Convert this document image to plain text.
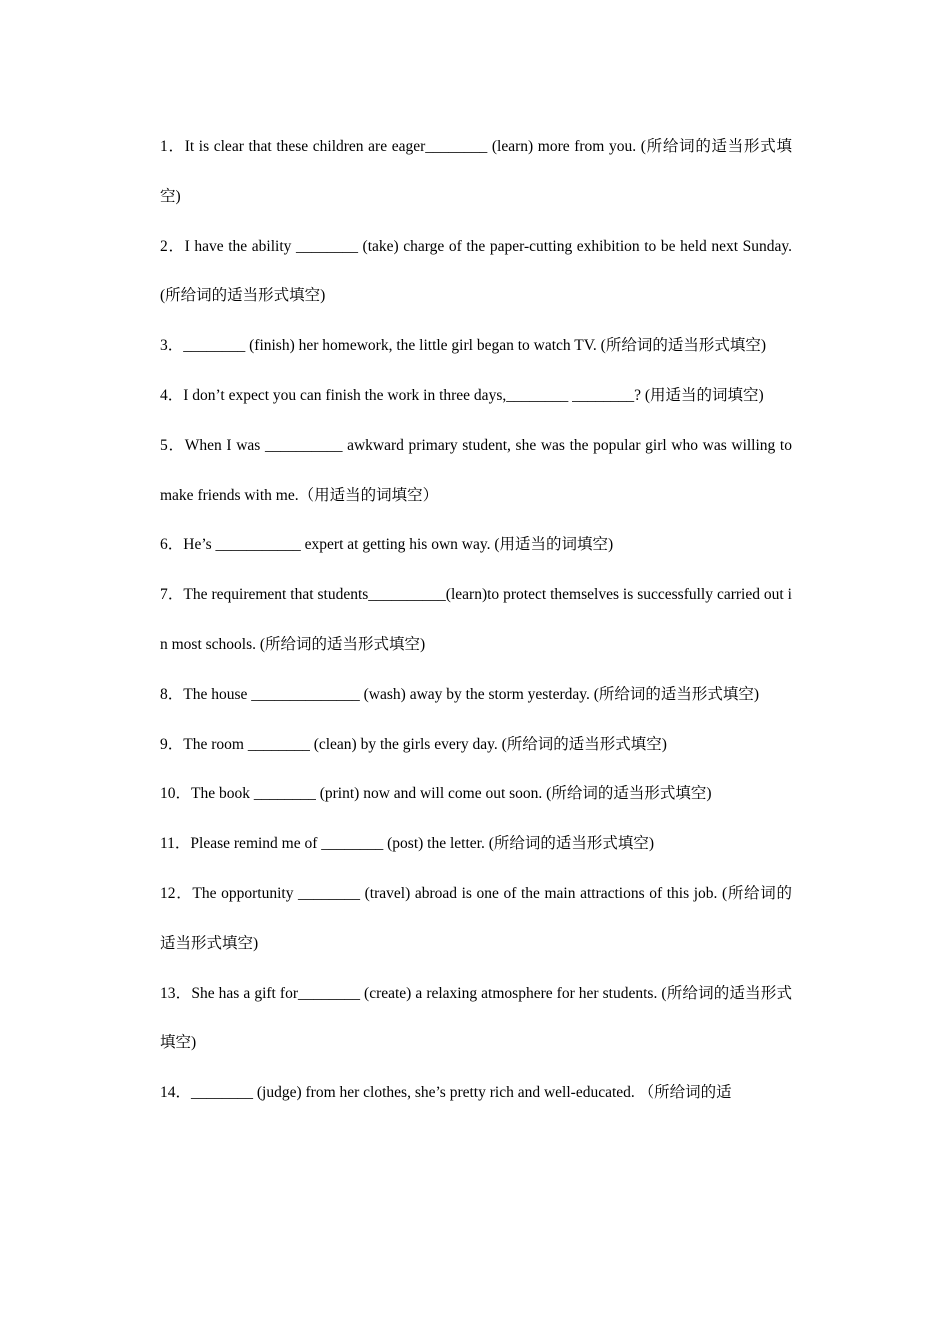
1．It is clear that these children are eager________ (learn) more from you. (所给词的适当形式填空)
2．I have the ability ________ (take) charge of the paper-cutting exhibition to be held next Sunday. (所给词的适当形式填空)
3．________ (finish) her homework, the little girl began to watch TV. (所给词的适当形式填空)
4．I don’t expect you can finish the work in three days,________ ________? (用适当的词填空)
5．When I was __________ awkward primary student, she was the popular girl who was willing to make friends with me.（用适当的词填空）
6．He’s ___________ expert at getting his own way. (用适当的词填空)
7．The requirement that students__________(learn)to protect themselves is successfully carried out in most schools. (所给词的适当形式填空)
8．The house ______________ (wash) away by the storm yesterday. (所给词的适当形式填空)
9．The room ________ (clean) by the girls every day. (所给词的适当形式填空)
10．The book ________ (print) now and will come out soon. (所给词的适当形式填空)
11．Please remind me of ________ (post) the letter. (所给词的适当形式填空)
12．The opportunity ________ (travel) abroad is one of the main attractions of this job. (所给词的适当形式填空)
13．She has a gift for________ (create) a relaxing atmosphere for her students. (所给词的适当形式填空)
14．________ (judge) from her clothes, she’s pretty rich and well-educated. （所给词的适
